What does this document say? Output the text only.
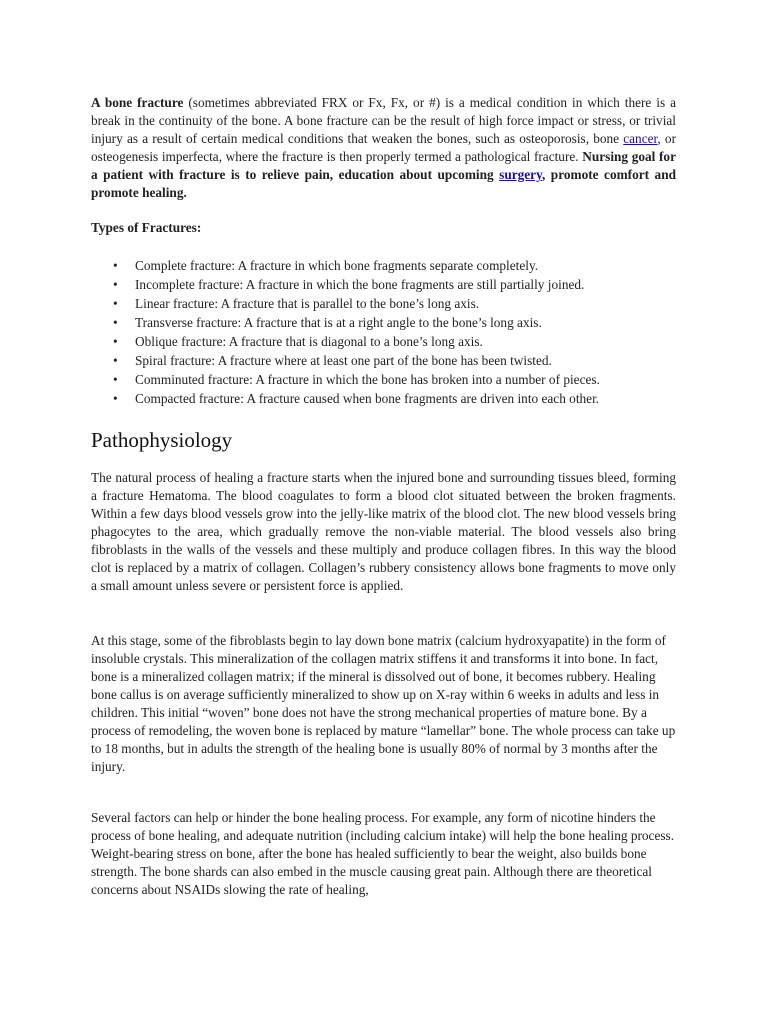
A bone fracture (sometimes abbreviated FRX or Fx, Fx, or #) is a medical condition in which there is a break in the continuity of the bone. A bone fracture can be the result of high force impact or stress, or trivial injury as a result of certain medical conditions that weaken the bones, such as osteoporosis, bone cancer, or osteogenesis imperfecta, where the fracture is then properly termed a pathological fracture. Nursing goal for a patient with fracture is to relieve pain, education about upcoming surgery, promote comfort and promote healing.

Types of Fractures:

• Complete fracture: A fracture in which bone fragments separate completely.
• Incomplete fracture: A fracture in which the bone fragments are still partially joined.
• Linear fracture: A fracture that is parallel to the bone’s long axis.
• Transverse fracture: A fracture that is at a right angle to the bone’s long axis.
• Oblique fracture: A fracture that is diagonal to a bone’s long axis.
• Spiral fracture: A fracture where at least one part of the bone has been twisted.
• Comminuted fracture: A fracture in which the bone has broken into a number of pieces.
• Compacted fracture: A fracture caused when bone fragments are driven into each other.
Pathophysiology

The natural process of healing a fracture starts when the injured bone and surrounding tissues bleed, forming a fracture Hematoma. The blood coagulates to form a blood clot situated between the broken fragments. Within a few days blood vessels grow into the jelly-like matrix of the blood clot. The new blood vessels bring phagocytes to the area, which gradually remove the non-viable material. The blood vessels also bring fibroblasts in the walls of the vessels and these multiply and produce collagen fibres. In this way the blood clot is replaced by a matrix of collagen. Collagen’s rubbery consistency allows bone fragments to move only a small amount unless severe or persistent force is applied.

At this stage, some of the fibroblasts begin to lay down bone matrix (calcium hydroxyapatite) in the form of insoluble crystals. This mineralization of the collagen matrix stiffens it and transforms it into bone. In fact, bone is a mineralized collagen matrix; if the mineral is dissolved out of bone, it becomes rubbery. Healing bone callus is on average sufficiently mineralized to show up on X-ray within 6 weeks in adults and less in children. This initial “woven” bone does not have the strong mechanical properties of mature bone. By a process of remodeling, the woven bone is replaced by mature “lamellar” bone. The whole process can take up to 18 months, but in adults the strength of the healing bone is usually 80% of normal by 3 months after the injury.

Several factors can help or hinder the bone healing process. For example, any form of nicotine hinders the process of bone healing, and adequate nutrition (including calcium intake) will help the bone healing process. Weight-bearing stress on bone, after the bone has healed sufficiently to bear the weight, also builds bone strength. The bone shards can also embed in the muscle causing great pain. Although there are theoretical concerns about NSAIDs slowing the rate of healing,
